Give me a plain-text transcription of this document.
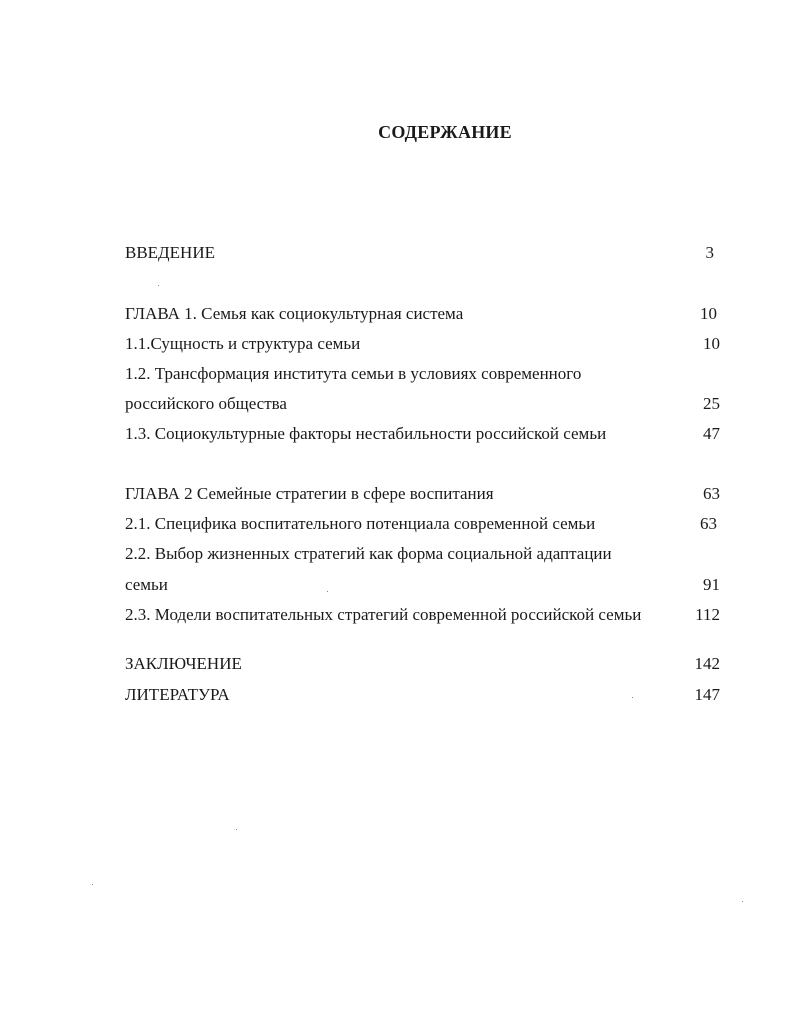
СОДЕРЖАНИЕ
ВВЕДЕНИЕ	3
ГЛАВА 1. Семья как социокультурная система	10
1.1.Сущность и структура семьи	10
1.2. Трансформация института семьи в условиях современного
российского общества	25
1.3. Социокультурные факторы нестабильности российской семьи	47
ГЛАВА 2 Семейные стратегии в сфере воспитания	63
2.1. Специфика воспитательного потенциала современной семьи	63
2.2. Выбор жизненных стратегий как форма социальной адаптации
семьи	91
2.3. Модели воспитательных стратегий современной российской семьи	112
ЗАКЛЮЧЕНИЕ	142
ЛИТЕРАТУРА	147
